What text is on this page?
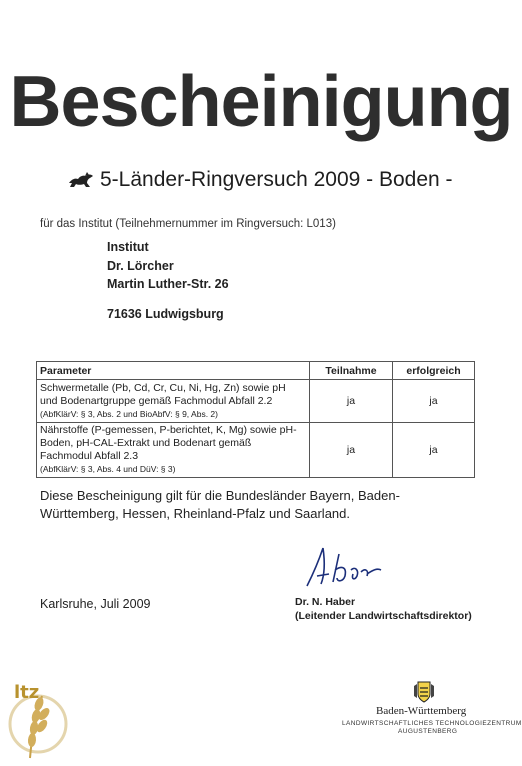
Bescheinigung
5-Länder-Ringversuch 2009 - Boden -
für das Institut (Teilnehmernummer im Ringversuch: L013)
Institut
Dr. Lörcher
Martin Luther-Str. 26
71636 Ludwigsburg
Parameter	Teilnahme	erfolgreich
Schwermetalle (Pb, Cd, Cr, Cu, Ni, Hg, Zn) sowie pH und Bodenartgruppe gemäß Fachmodul Abfall 2.2
(AbfKlärV: § 3, Abs. 2 und BioAbfV: § 9, Abs. 2)	ja	ja
Nährstoffe (P-gemessen, P-berichtet, K, Mg) sowie pH-Boden, pH-CAL-Extrakt und Bodenart gemäß Fachmodul Abfall 2.3
(AbfKlärV: § 3, Abs. 4 und DüV: § 3)	ja	ja
Diese Bescheinigung gilt für die Bundesländer Bayern, Baden-Württemberg, Hessen, Rheinland-Pfalz und Saarland.
Karlsruhe, Juli 2009	Dr. N. Haber
(Leitender Landwirtschaftsdirektor)
ltz
Baden-Württemberg
LANDWIRTSCHAFTLICHES TECHNOLOGIEZENTRUM
AUGUSTENBERG
